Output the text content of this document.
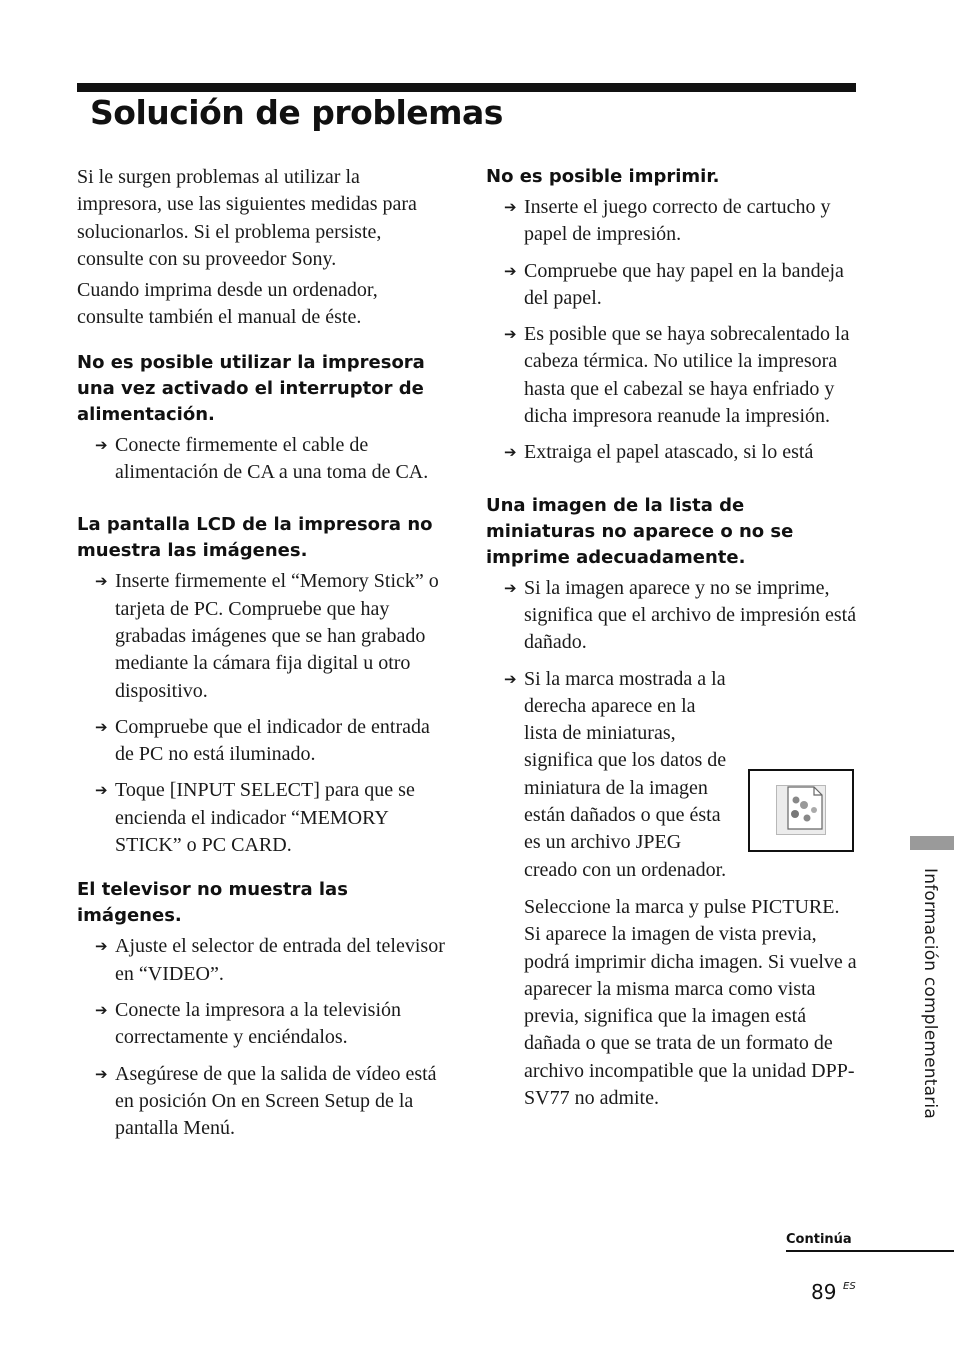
Solución de problemas

Si le surgen problemas al utilizar la impresora, use las siguientes medidas para solucionarlos. Si el problema persiste, consulte con su proveedor Sony.

Cuando imprima desde un ordenador, consulte también el manual de éste.

No es posible utilizar la impresora una vez activado el interruptor de alimentación.

➔ Conecte firmemente el cable de alimentación de CA a una toma de CA.

La pantalla LCD de la impresora no muestra las imágenes.

➔ Inserte firmemente el “Memory Stick” o tarjeta de PC. Compruebe que hay grabadas imágenes que se han grabado mediante la cámara fija digital u otro dispositivo.
➔ Compruebe que el indicador de entrada de PC no está iluminado.
➔ Toque [INPUT SELECT] para que se encienda el indicador “MEMORY STICK” o PC CARD.

El televisor no muestra las imágenes.

➔ Ajuste el selector de entrada del televisor en “VIDEO”.
➔ Conecte la impresora a la televisión correctamente y enciéndalos.
➔ Asegúrese de que la salida de vídeo está en posición On en Screen Setup de la pantalla Menú.

No es posible imprimir.

➔ Inserte el juego correcto de cartucho y papel de impresión.
➔ Compruebe que hay papel en la bandeja del papel.
➔ Es posible que se haya sobrecalentado la cabeza térmica. No utilice la impresora hasta que el cabezal se haya enfriado y dicha impresora reanude la impresión.
➔ Extraiga el papel atascado, si lo está

Una imagen de la lista de miniaturas no aparece o no se imprime adecuadamente.

➔ Si la imagen aparece y no se imprime, significa que el archivo de impresión está dañado.
➔ Si la marca mostrada a la derecha aparece en la lista de miniaturas, significa que los datos de miniatura de la imagen están dañados o que ésta es un archivo JPEG creado con un ordenador.

Seleccione la marca y pulse PICTURE. Si aparece la imagen de vista previa, podrá imprimir dicha imagen. Si vuelve a aparecer la misma marca como vista previa, significa que la imagen está dañada o que se trata de un formato de archivo incompatible que la unidad DPP-SV77 no admite.	Información complementaria
Continúa
89 ES
